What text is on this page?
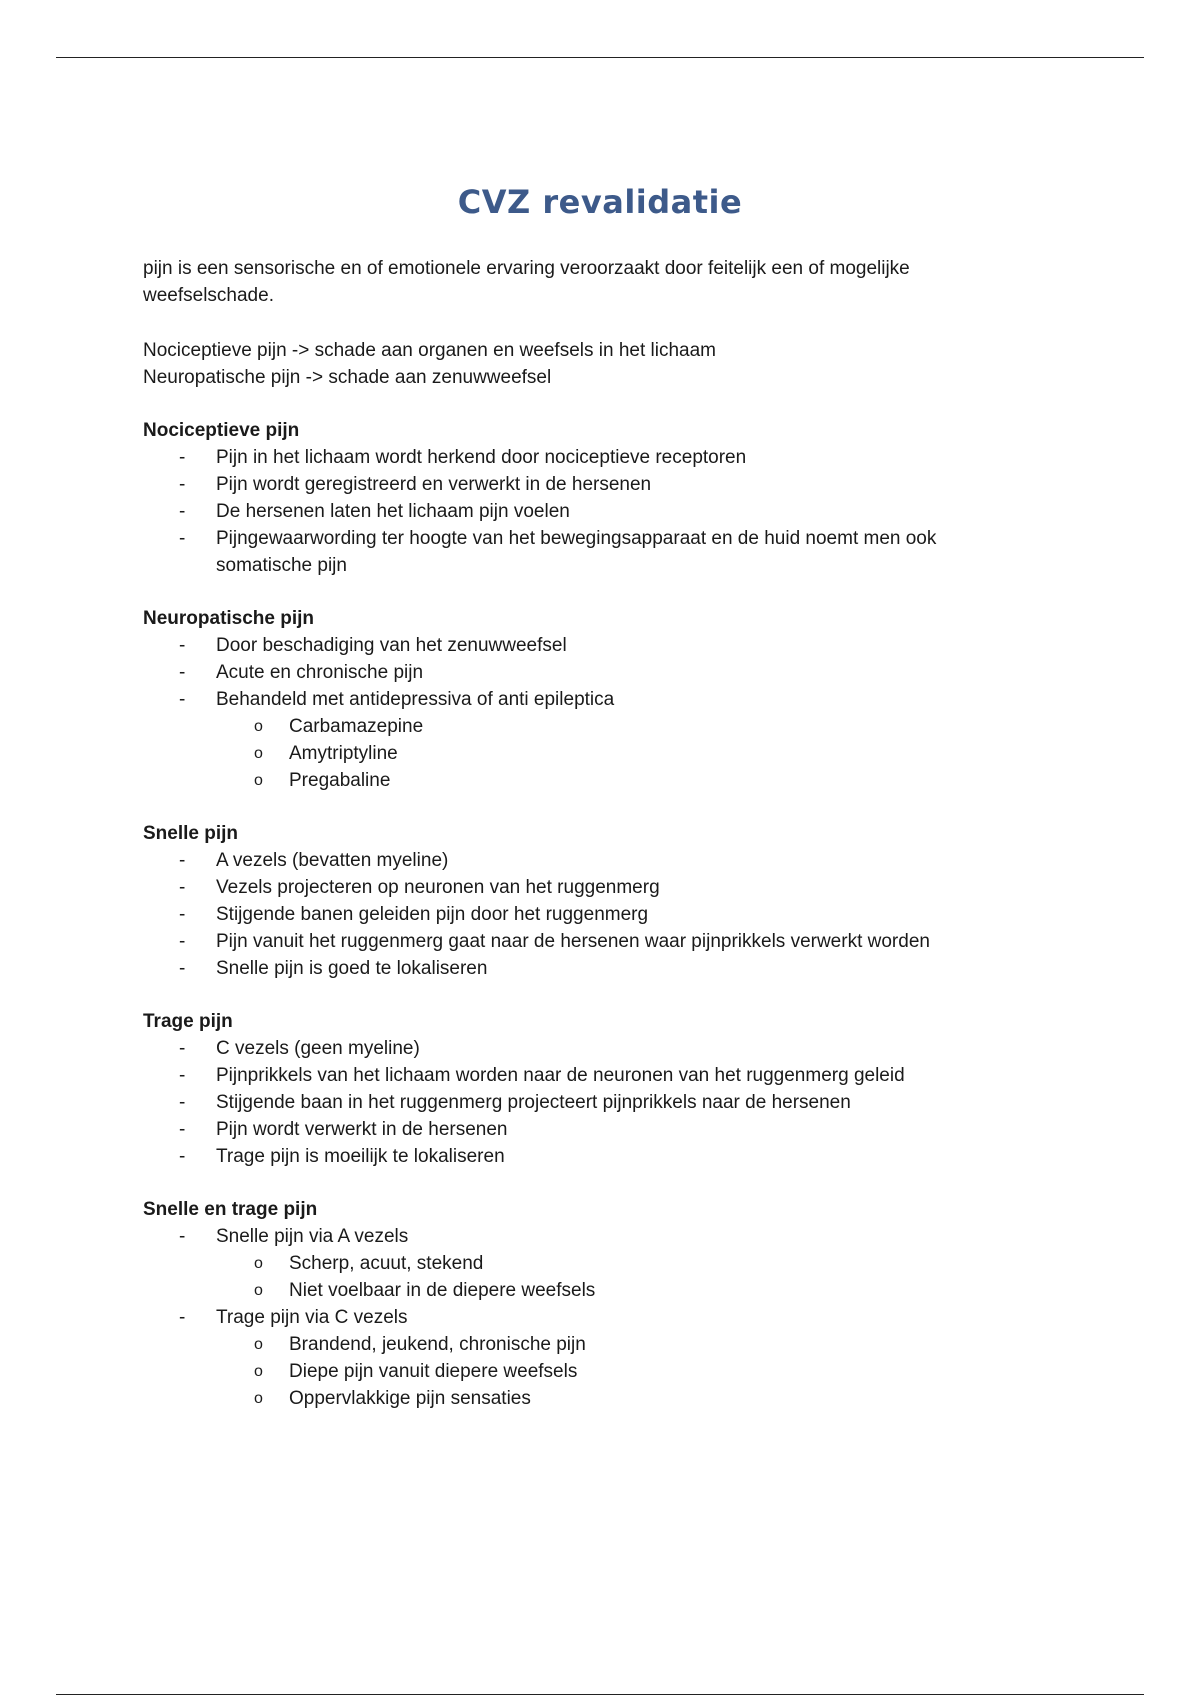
CVZ revalidatie

pijn is een sensorische en of emotionele ervaring veroorzaakt door feitelijk een of mogelijke weefselschade.

Nociceptieve pijn -> schade aan organen en weefsels in het lichaam

Neuropatische pijn -> schade aan zenuwweefsel

Nociceptieve pijn

- Pijn in het lichaam wordt herkend door nociceptieve receptoren
- Pijn wordt geregistreerd en verwerkt in de hersenen
- De hersenen laten het lichaam pijn voelen
- Pijngewaarwording ter hoogte van het bewegingsapparaat en de huid noemt men ook somatische pijn

Neuropatische pijn

- Door beschadiging van het zenuwweefsel
- Acute en chronische pijn
- Behandeld met antidepressiva of anti epileptica
o Carbamazepine
o Amytriptyline
o Pregabaline

Snelle pijn

- A vezels (bevatten myeline)
- Vezels projecteren op neuronen van het ruggenmerg
- Stijgende banen geleiden pijn door het ruggenmerg
- Pijn vanuit het ruggenmerg gaat naar de hersenen waar pijnprikkels verwerkt worden
- Snelle pijn is goed te lokaliseren

Trage pijn

- C vezels (geen myeline)
- Pijnprikkels van het lichaam worden naar de neuronen van het ruggenmerg geleid
- Stijgende baan in het ruggenmerg projecteert pijnprikkels naar de hersenen
- Pijn wordt verwerkt in de hersenen
- Trage pijn is moeilijk te lokaliseren

Snelle en trage pijn

- Snelle pijn via A vezels
o Scherp, acuut, stekend
o Niet voelbaar in de diepere weefsels
- Trage pijn via C vezels
o Brandend, jeukend, chronische pijn
o Diepe pijn vanuit diepere weefsels
o Oppervlakkige pijn sensaties
